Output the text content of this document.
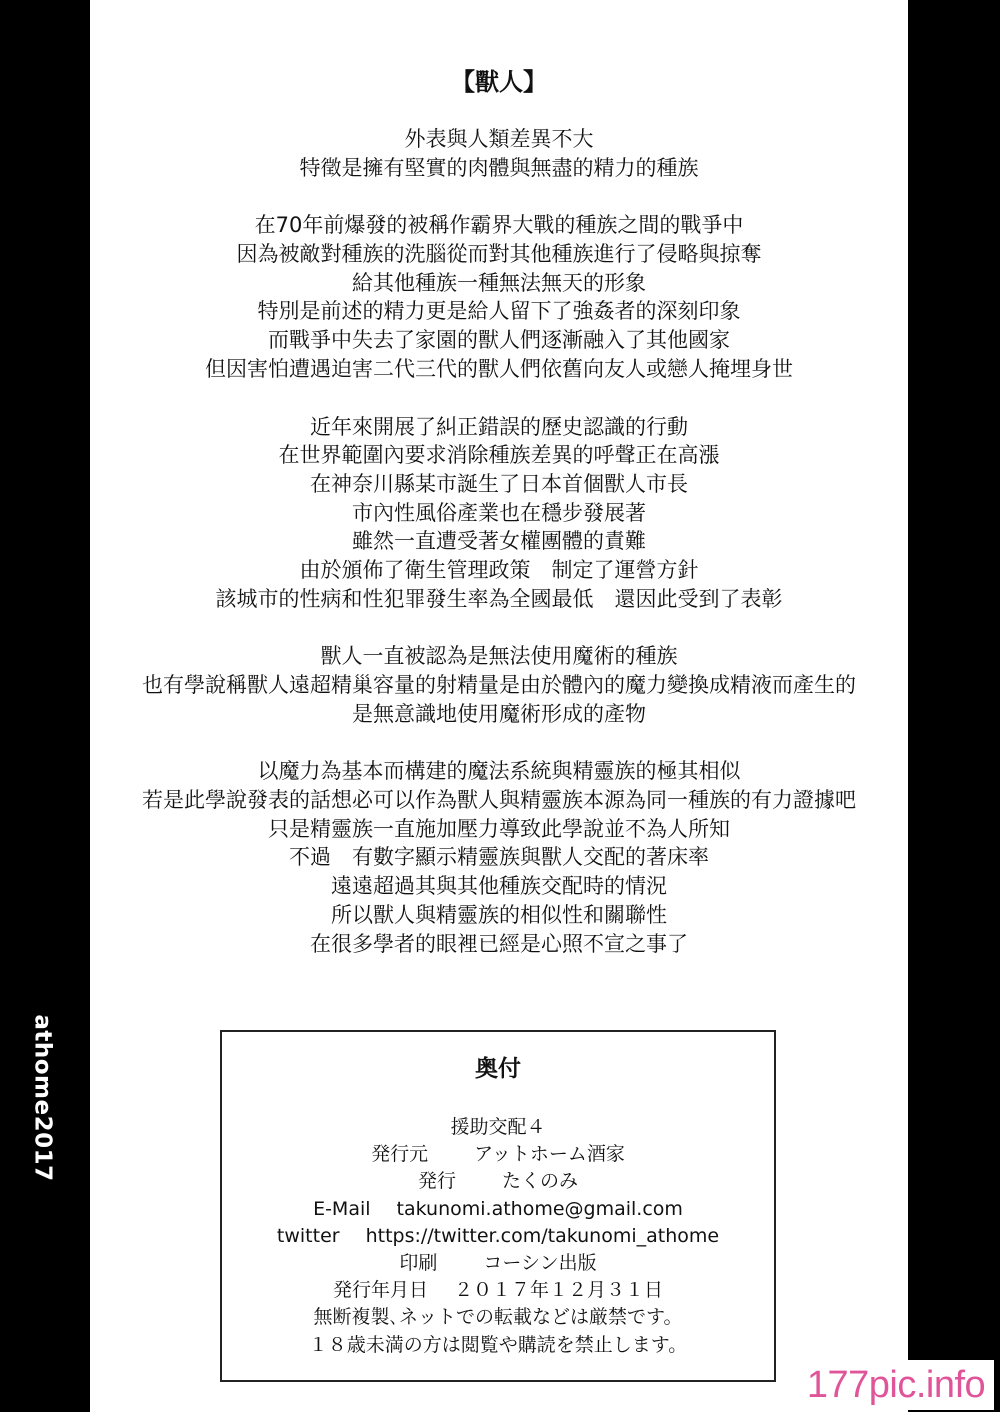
athome2017
【獸人】
外表與人類差異不大
特徵是擁有堅實的肉體與無盡的精力的種族
在70年前爆發的被稱作霸界大戰的種族之間的戰爭中
因為被敵對種族的洗腦從而對其他種族進行了侵略與掠奪
給其他種族一種無法無天的形象
特別是前述的精力更是給人留下了強姦者的深刻印象
而戰爭中失去了家園的獸人們逐漸融入了其他國家
但因害怕遭遇迫害二代三代的獸人們依舊向友人或戀人掩埋身世
近年來開展了糾正錯誤的歷史認識的行動
在世界範圍內要求消除種族差異的呼聲正在高漲
在神奈川縣某市誕生了日本首個獸人市長
市內性風俗產業也在穩步發展著
雖然一直遭受著女權團體的責難
由於頒佈了衛生管理政策　制定了運營方針
該城市的性病和性犯罪發生率為全國最低　還因此受到了表彰
獸人一直被認為是無法使用魔術的種族
也有學說稱獸人遠超精巢容量的射精量是由於體內的魔力變換成精液而產生的
是無意識地使用魔術形成的產物
以魔力為基本而構建的魔法系統與精靈族的極其相似
若是此學說發表的話想必可以作為獸人與精靈族本源為同一種族的有力證據吧
只是精靈族一直施加壓力導致此學說並不為人所知
不過　有數字顯示精靈族與獸人交配的著床率
遠遠超過其與其他種族交配時的情況
所以獸人與精靈族的相似性和關聯性
在很多學者的眼裡已經是心照不宣之事了
奥付
援助交配４
発行元 アットホーム酒家
発行 たくのみ
E-Mail takunomi.athome@gmail.com
twitter https://twitter.com/takunomi_athome
印刷 コーシン出版
発行年月日 ２０１７年１２月３１日
無断複製､ネットでの転載などは厳禁です。
１８歳未満の方は閲覧や購読を禁止します。
177pic.info
